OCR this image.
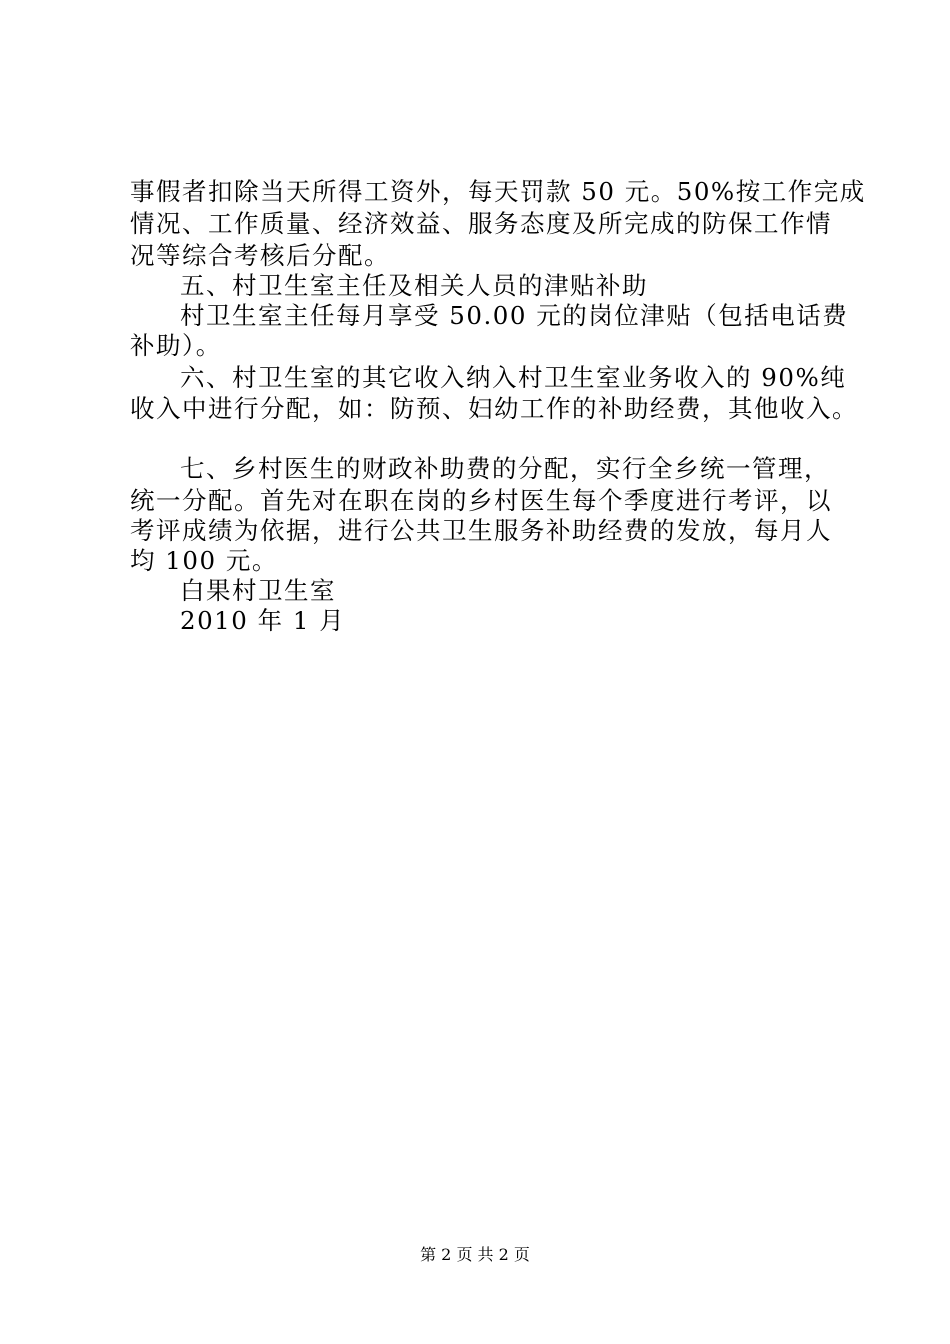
事假者扣除当天所得工资外，每天罚款 50 元。50%按工作完成
情况、工作质量、经济效益、服务态度及所完成的防保工作情
况等综合考核后分配。
五、村卫生室主任及相关人员的津贴补助
村卫生室主任每月享受 50.00 元的岗位津贴（包括电话费
补助）。
六、村卫生室的其它收入纳入村卫生室业务收入的 90%纯
收入中进行分配，如：防预、妇幼工作的补助经费，其他收入。
七、乡村医生的财政补助费的分配，实行全乡统一管理，
统一分配。首先对在职在岗的乡村医生每个季度进行考评，以
考评成绩为依据，进行公共卫生服务补助经费的发放，每月人
均 100 元。
白果村卫生室
2010 年 1 月
第 2 页 共 2 页
